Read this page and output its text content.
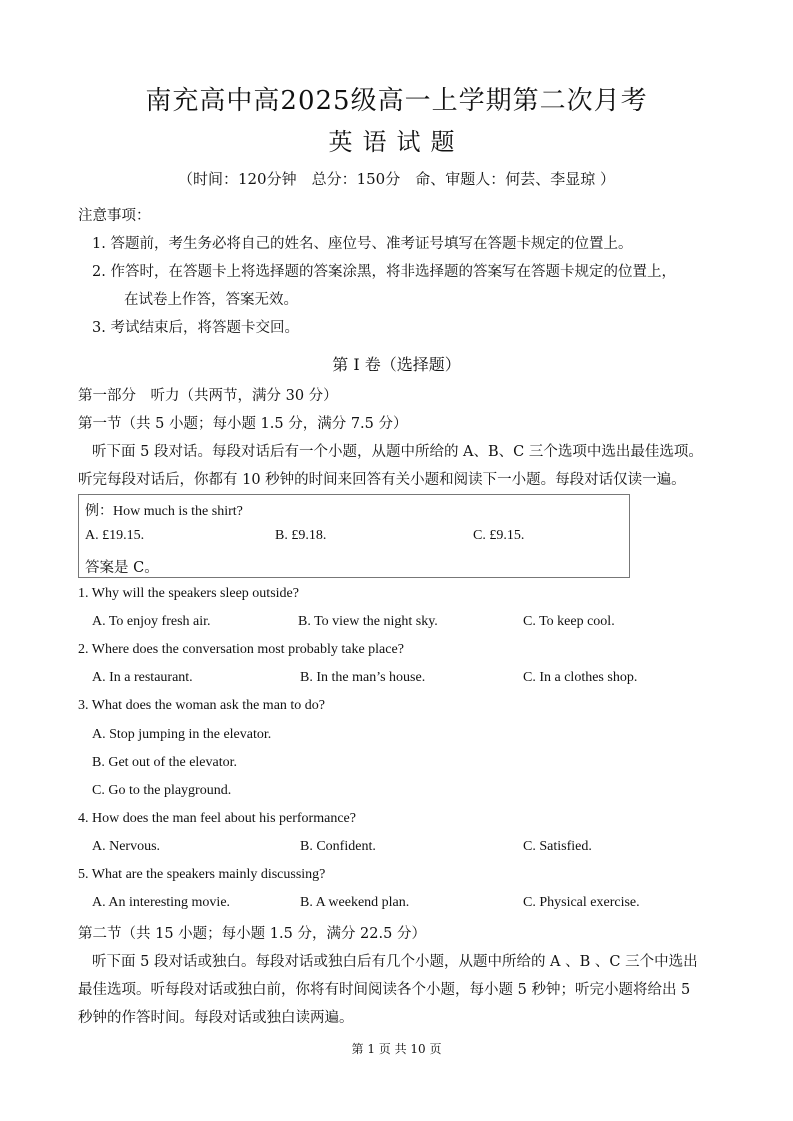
南充高中高2025级高一上学期第二次月考
英语试题
（时间：120分钟　总分：150分　命、审题人：何芸、李显琼 ）
注意事项：
1. 答题前，考生务必将自己的姓名、座位号、准考证号填写在答题卡规定的位置上。
2. 作答时，在答题卡上将选择题的答案涂黑，将非选择题的答案写在答题卡规定的位置上，
在试卷上作答，答案无效。
3. 考试结束后，将答题卡交回。
第 I 卷（选择题）
第一部分　听力（共两节，满分 30 分）
第一节（共 5 小题；每小题 1.5 分，满分 7.5 分）
听下面 5 段对话。每段对话后有一个小题，从题中所给的 A、B、C 三个选项中选出最佳选项。
听完每段对话后，你都有 10 秒钟的时间来回答有关小题和阅读下一小题。每段对话仅读一遍。
例：How much is the shirt?
A. £19.15.	B. £9.18.	C. £9.15.
答案是 C。
1. Why will the speakers sleep outside?
A. To enjoy fresh air.	B. To view the night sky.	C. To keep cool.
2. Where does the conversation most probably take place?
A. In a restaurant.	B. In the man’s house.	C. In a clothes shop.
3. What does the woman ask the man to do?
A. Stop jumping in the elevator.
B. Get out of the elevator.
C. Go to the playground.
4. How does the man feel about his performance?
A. Nervous.	B. Confident.	C. Satisfied.
5. What are the speakers mainly discussing?
A. An interesting movie.	B. A weekend plan.	C. Physical exercise.
第二节（共 15 小题；每小题 1.5 分，满分 22.5 分）
听下面 5 段对话或独白。每段对话或独白后有几个小题，从题中所给的 A 、B 、C 三个中选出
最佳选项。听每段对话或独白前，你将有时间阅读各个小题，每小题 5 秒钟；听完小题将给出 5
秒钟的作答时间。每段对话或独白读两遍。
第 1 页 共 10 页
